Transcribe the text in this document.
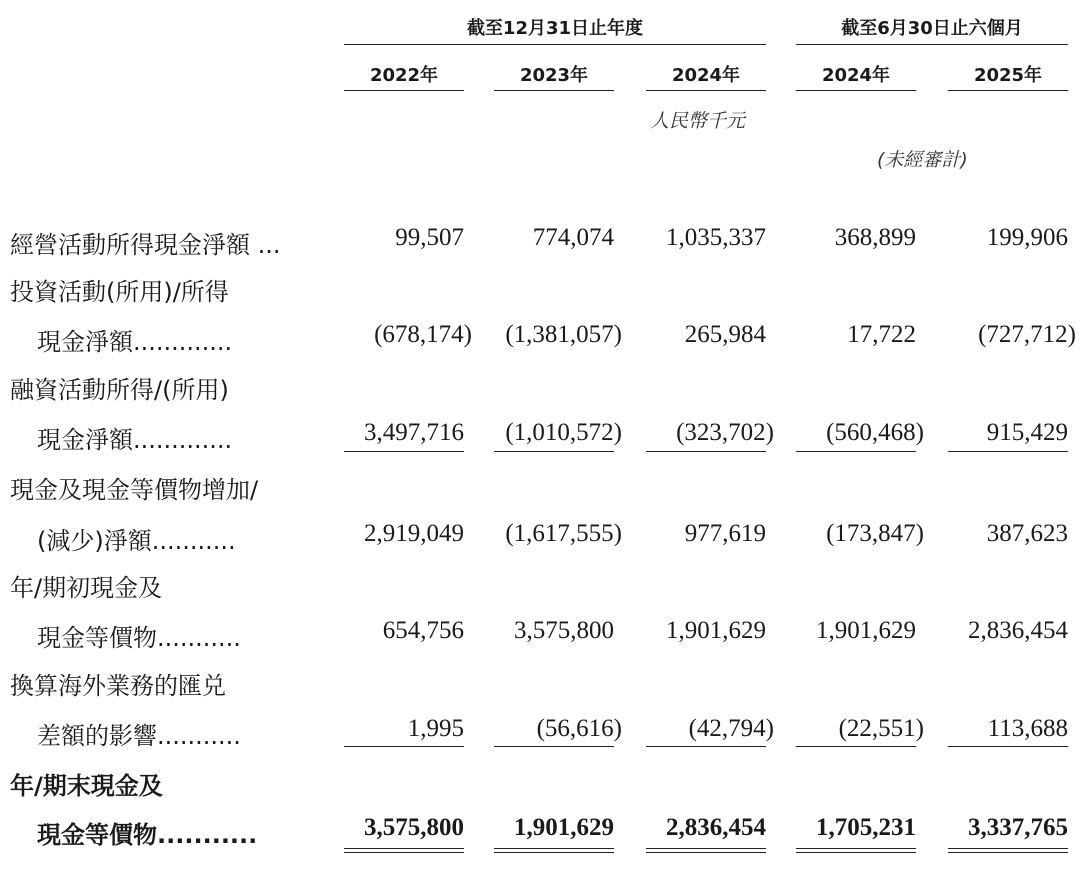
截至12月31日止年度	截至6月30日止六個月
2022年	2023年	2024年	2024年	2025年
人民幣千元
(未經審計)
經營活動所得現金淨額 ...	99,507	774,074	1,035,337	368,899	199,906
投資活動(所用)/所得
現金淨額.............	(678,174)	(1,381,057)	265,984	17,722	(727,712)
融資活動所得/(所用)
現金淨額.............	3,497,716	(1,010,572)	(323,702)	(560,468)	915,429
現金及現金等價物增加/
(減少)淨額...........	2,919,049	(1,617,555)	977,619	(173,847)	387,623
年/期初現金及
現金等價物...........	654,756	3,575,800	1,901,629	1,901,629	2,836,454
換算海外業務的匯兑
差額的影響...........	1,995	(56,616)	(42,794)	(22,551)	113,688
年/期末現金及
現金等價物...........	3,575,800	1,901,629	2,836,454	1,705,231	3,337,765
